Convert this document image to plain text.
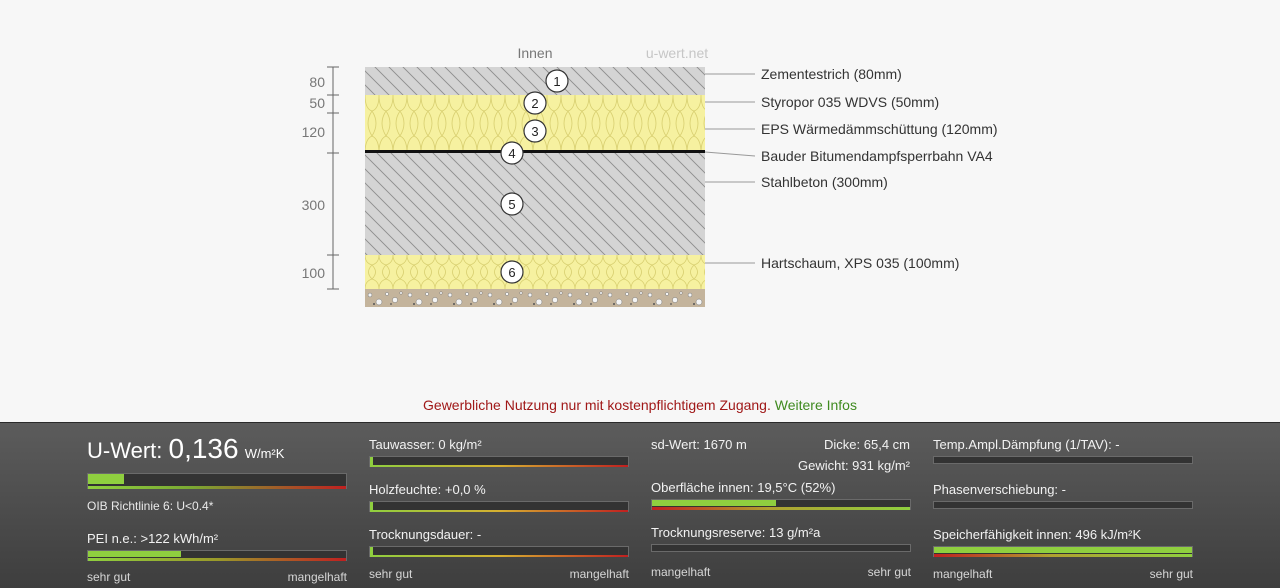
Innen	u-wert.net
80
50
120
300
100
Zementestrich (80mm)
Styropor 035 WDVS (50mm)
EPS Wärmedämmschüttung (120mm)
Bauder Bitumendampfsperrbahn VA4
Stahlbeton (300mm)
Hartschaum, XPS 035 (100mm)
1
2
3
4
5
6
Gewerbliche Nutzung nur mit kostenpflichtigem Zugang. Weitere Infos
U-Wert: 0,136 W/m²K
OIB Richtlinie 6: U<0.4*
PEI n.e.: >122 kWh/m²
sehr gut	mangelhaft
Tauwasser: 0 kg/m²
Holzfeuchte: +0,0 %
Trocknungsdauer: -
sehr gut	mangelhaft
sd-Wert: 1670 m	Dicke: 65,4 cm
Gewicht: 931 kg/m²
Oberfläche innen: 19,5°C (52%)
Trocknungsreserve: 13 g/m²a
mangelhaft	sehr gut
Temp.Ampl.Dämpfung (1/TAV): -
Phasenverschiebung: -
Speicherfähigkeit innen: 496 kJ/m²K
mangelhaft	sehr gut
